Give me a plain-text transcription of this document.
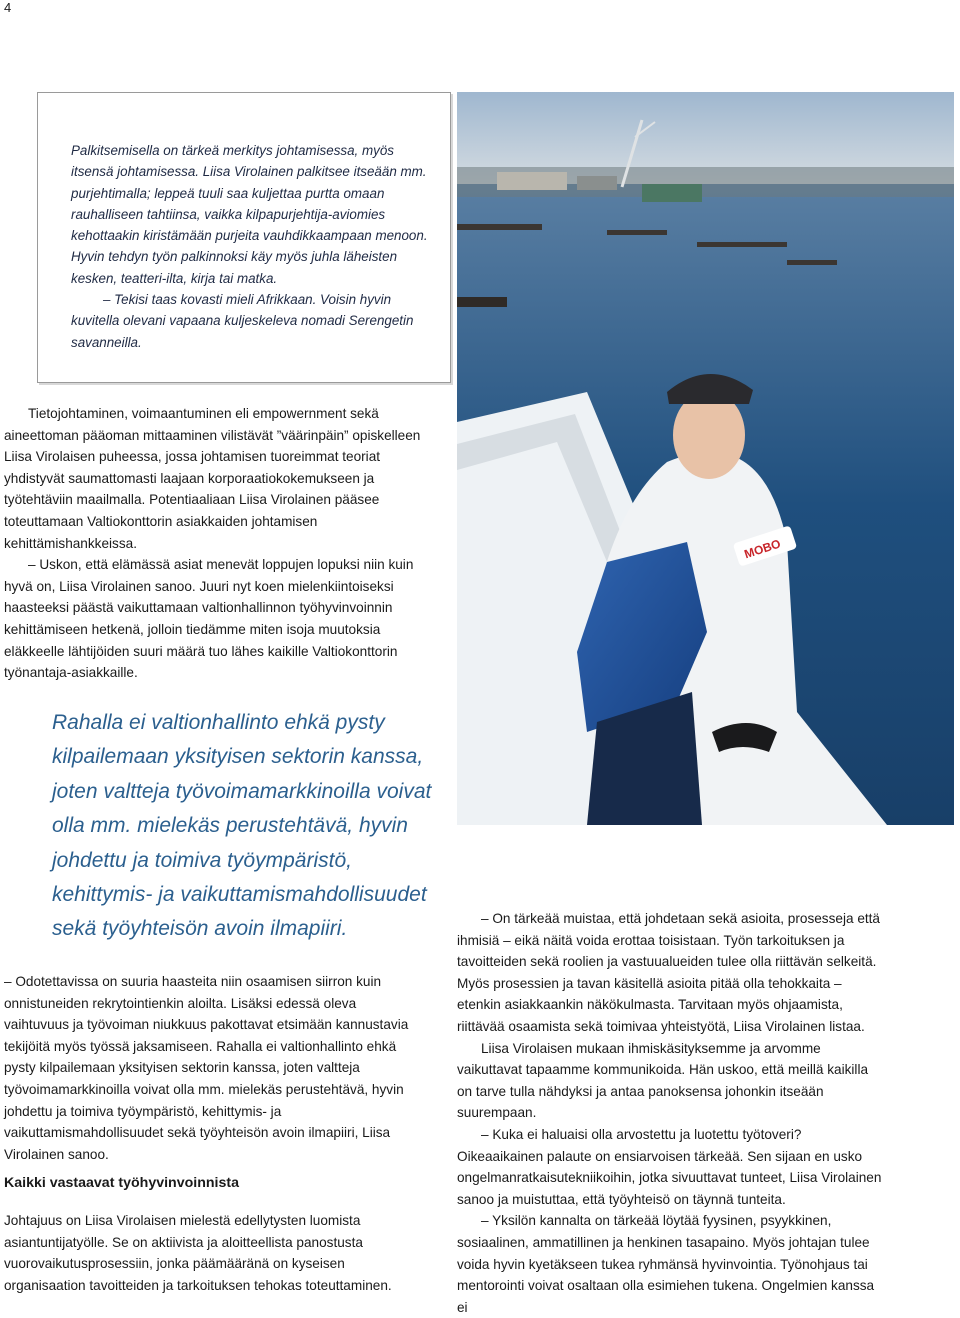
4

Palkitsemisella on tärkeä merkitys johtamisessa, myös itsensä johtamisessa. Liisa Virolainen palkitsee itseään mm. purjehtimalla; leppeä tuuli saa kuljettaa purtta omaan rauhalliseen tahtiinsa, vaikka kilpapurjehtija-aviomies kehottaakin kiristämään purjeita vauhdikkaampaan menoon. Hyvin tehdyn työn palkinnoksi käy myös juhla läheisten kesken, teatteri-ilta, kirja tai matka.

– Tekisi taas kovasti mieli Afrikkaan. Voisin hyvin kuvitella olevani vapaana kuljeskeleva nomadi Serengetin savanneilla.

MOBO

Tietojohtaminen, voimaantuminen eli empowernment sekä aineettoman pääoman mittaaminen vilistävät ”väärinpäin” opiskelleen Liisa Virolaisen puheessa, jossa johtamisen tuoreimmat teoriat yhdistyvät saumattomasti laajaan korporaatiokokemukseen ja työtehtäviin maailmalla. Potentiaaliaan Liisa Virolainen pääsee toteuttamaan Valtiokonttorin asiakkaiden johtamisen kehittämishankkeissa.

– Uskon, että elämässä asiat menevät loppujen lopuksi niin kuin hyvä on, Liisa Virolainen sanoo. Juuri nyt koen mielenkiintoiseksi haasteeksi päästä vaikuttamaan valtionhallinnon työhyvinvoinnin kehittämiseen hetkenä, jolloin tiedämme miten isoja muutoksia eläkkeelle lähtijöiden suuri määrä tuo lähes kaikille Valtiokonttorin työnantaja-asiakkaille.

Rahalla ei valtionhallinto ehkä pysty kilpailemaan yksityisen sektorin kanssa, joten valtteja työvoimamarkkinoilla voivat olla mm. mielekäs perustehtävä, hyvin johdettu ja toimiva työympäristö, kehittymis- ja vaikuttamismahdollisuudet sekä työyhteisön avoin ilmapiiri.

– Odotettavissa on suuria haasteita niin osaamisen siirron kuin onnistuneiden rekrytointienkin aloilta. Lisäksi edessä oleva vaihtuvuus ja työvoiman niukkuus pakottavat etsimään kannustavia tekijöitä myös työssä jaksamiseen. Rahalla ei valtionhallinto ehkä pysty kilpailemaan yksityisen sektorin kanssa, joten valtteja työvoimamarkkinoilla voivat olla mm. mielekäs perustehtävä, hyvin johdettu ja toimiva työympäristö, kehittymis- ja vaikuttamismahdollisuudet sekä työyhteisön avoin ilmapiiri, Liisa Virolainen sanoo.

Kaikki vastaavat työhyvinvoinnista

Johtajuus on Liisa Virolaisen mielestä edellytysten luomista asiantuntijatyölle. Se on aktiivista ja aloitteellista panostusta vuorovaikutusprosessiin, jonka päämääränä on kyseisen organisaation tavoitteiden ja tarkoituksen tehokas toteuttaminen.

– On tärkeää muistaa, että johdetaan sekä asioita, prosesseja että ihmisiä – eikä näitä voida erottaa toisistaan. Työn tarkoituksen ja tavoitteiden sekä roolien ja vastuualueiden tulee olla riittävän selkeitä. Myös prosessien ja tavan käsitellä asioita pitää olla tehokkaita – etenkin asiakkaankin näkökulmasta. Tarvitaan myös ohjaamista, riittävää osaamista sekä toimivaa yhteistyötä, Liisa Virolainen listaa.

Liisa Virolaisen mukaan ihmiskäsityksemme ja arvomme vaikuttavat tapaamme kommunikoida. Hän uskoo, että meillä kaikilla on tarve tulla nähdyksi ja antaa panoksensa johonkin itseään suurempaan.

– Kuka ei haluaisi olla arvostettu ja luotettu työtoveri? Oikeaaikainen palaute on ensiarvoisen tärkeää. Sen sijaan en usko ongelmanratkaisutekniikoihin, jotka sivuuttavat tunteet, Liisa Virolainen sanoo ja muistuttaa, että työyhteisö on täynnä tunteita.

– Yksilön kannalta on tärkeää löytää fyysinen, psyykkinen, sosiaalinen, ammatillinen ja henkinen tasapaino. Myös johtajan tulee voida hyvin kyetäkseen tukea ryhmänsä hyvinvointia. Työnohjaus tai mentorointi voivat osaltaan olla esimiehen tukena. Ongelmien kanssa ei
